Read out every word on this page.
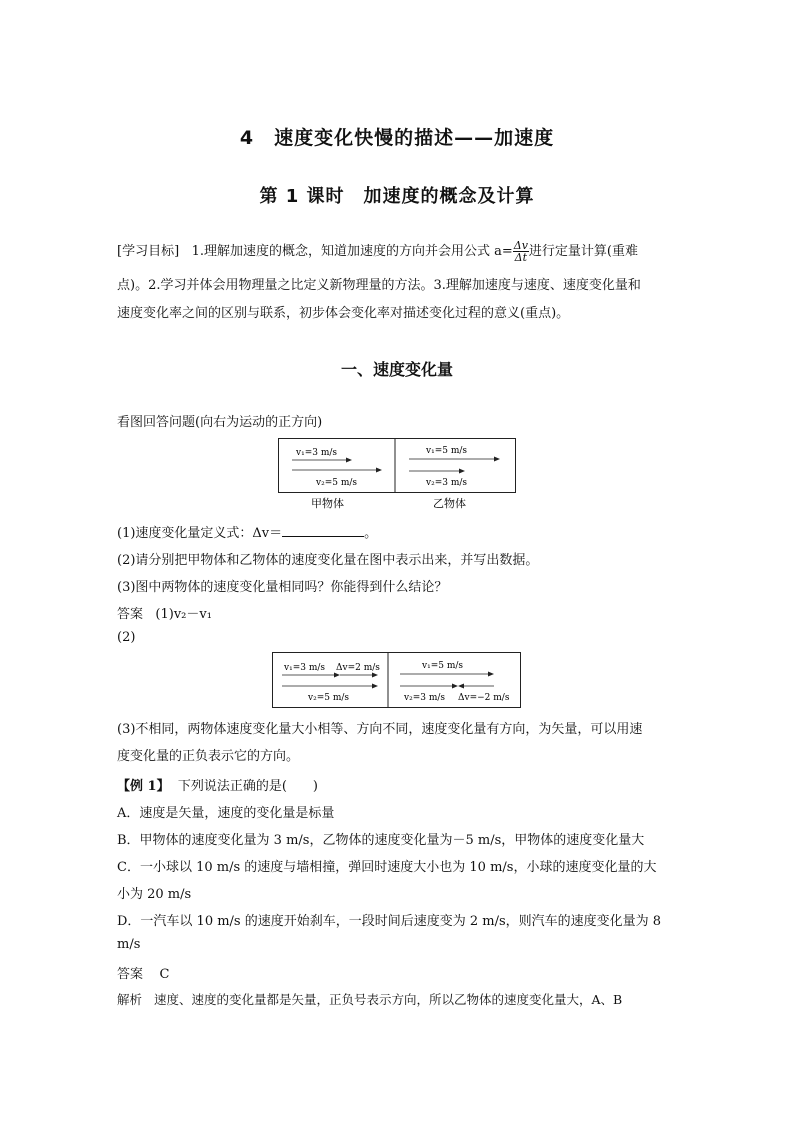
4　速度变化快慢的描述——加速度
第 1 课时　加速度的概念及计算
[学习目标] 1.理解加速度的概念，知道加速度的方向并会用公式 $a= \frac{\Delta v}{\Delta t}$ 进行定量计算(重难
点)。2.学习并体会用物理量之比定义新物理量的方法。3.理解加速度与速度、速度变化量和
速度变化率之间的区别与联系，初步体会变化率对描述变化过程的意义(重点)。
一、速度变化量
看图回答问题(向右为运动的正方向)
v₁=3 m/s
v₂=5 m/s
v₁=5 m/s
v₂=3 m/s
甲物体	乙物体
(1)速度变化量定义式：Δv＝	。
(2)请分别把甲物体和乙物体的速度变化量在图中表示出来，并写出数据。
(3)图中两物体的速度变化量相同吗？你能得到什么结论？
答案 (1)v₂－v₁
(2)
v₁=3 m/s Δv=2 m/s
v₂=5 m/s
v₁=5 m/s
v₂=3 m/s Δv=−2 m/s
(3)不相同，两物体速度变化量大小相等、方向不同，速度变化量有方向，为矢量，可以用速
度变化量的正负表示它的方向。
【例 1】 下列说法正确的是(　　)
A．速度是矢量，速度的变化量是标量
B．甲物体的速度变化量为 3 m/s，乙物体的速度变化量为－5 m/s，甲物体的速度变化量大
C．一小球以 10 m/s 的速度与墙相撞，弹回时速度大小也为 10 m/s，小球的速度变化量的大
小为 20 m/s
D．一汽车以 10 m/s 的速度开始刹车，一段时间后速度变为 2 m/s，则汽车的速度变化量为 8
m/s
答案 C
解析 速度、速度的变化量都是矢量，正负号表示方向，所以乙物体的速度变化量大，A、B
